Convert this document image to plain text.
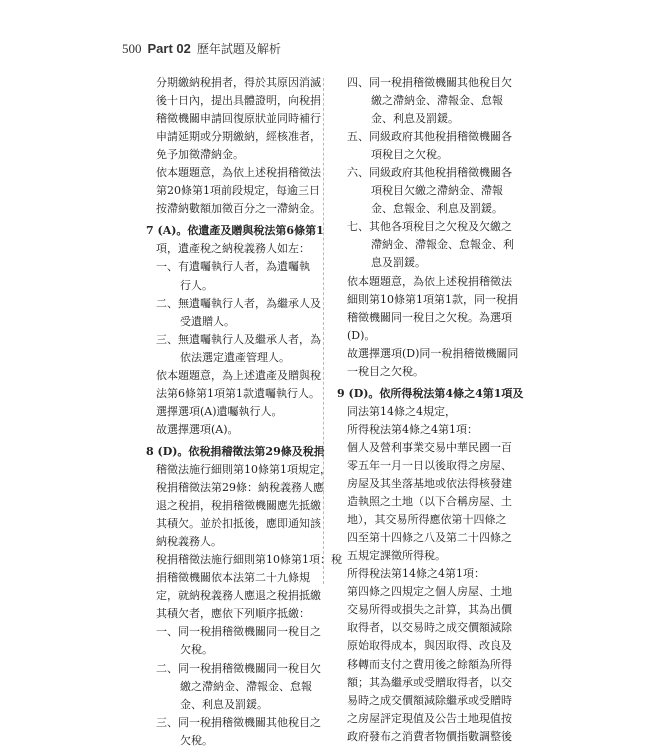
500 Part 02 歷年試題及解析
分期繳納稅捐者，得於其原因消滅
後十日內，提出具體證明，向稅捐
稽徵機關申請回復原狀並同時補行
申請延期或分期繳納，經核准者，
免予加徵滯納金。
依本題題意，為依上述稅捐稽徵法
第20條第1項前段規定，每逾三日
按滯納數額加徵百分之一滯納金。
7 (A)。依遺產及贈與稅法第6條第1
項，遺產稅之納稅義務人如左：
一、有遺囑執行人者，為遺囑執
行人。
二、無遺囑執行人者，為繼承人及
受遺贈人。
三、無遺囑執行人及繼承人者，為
依法選定遺產管理人。
依本題題意，為上述遺產及贈與稅
法第6條第1項第1款遺囑執行人。
選擇選項(A)遺囑執行人。
故選擇選項(A)。
8 (D)。依稅捐稽徵法第29條及稅捐
稽徵法施行細則第10條第1項規定，
稅捐稽徵法第29條：納稅義務人應
退之稅捐，稅捐稽徵機關應先抵繳
其積欠。並於扣抵後，應即通知該
納稅義務人。
稅捐稽徵法施行細則第10條第1項：稅
捐稽徵機關依本法第二十九條規
定，就納稅義務人應退之稅捐抵繳
其積欠者，應依下列順序抵繳：
一、同一稅捐稽徵機關同一稅目之
欠稅。
二、同一稅捐稽徵機關同一稅目欠
繳之滯納金、滯報金、怠報
金、利息及罰鍰。
三、同一稅捐稽徵機關其他稅目之
欠稅。
四、同一稅捐稽徵機關其他稅目欠
繳之滯納金、滯報金、怠報
金、利息及罰鍰。
五、同級政府其他稅捐稽徵機關各
項稅目之欠稅。
六、同級政府其他稅捐稽徵機關各
項稅目欠繳之滯納金、滯報
金、怠報金、利息及罰鍰。
七、其他各項稅目之欠稅及欠繳之
滯納金、滯報金、怠報金、利
息及罰鍰。
依本題題意，為依上述稅捐稽徵法
細則第10條第1項第1款，同一稅捐
稽徵機關同一稅目之欠稅。為選項
(D)。
故選擇選項(D)同一稅捐稽徵機關同
一稅目之欠稅。
9 (D)。依所得稅法第4條之4第1項及
同法第14條之4規定，
所得稅法第4條之4第1項：
個人及營利事業交易中華民國一百
零五年一月一日以後取得之房屋、
房屋及其坐落基地或依法得核發建
造執照之土地（以下合稱房屋、土
地），其交易所得應依第十四條之
四至第十四條之八及第二十四條之
五規定課徵所得稅。
所得稅法第14條之4第1項：
第四條之四規定之個人房屋、土地
交易所得或損失之計算，其為出價
取得者，以交易時之成交價額減除
原始取得成本，與因取得、改良及
移轉而支付之費用後之餘額為所得
額；其為繼承或受贈取得者，以交
易時之成交價額減除繼承或受贈時
之房屋評定現值及公告土地現值按
政府發布之消費者物價指數調整後
